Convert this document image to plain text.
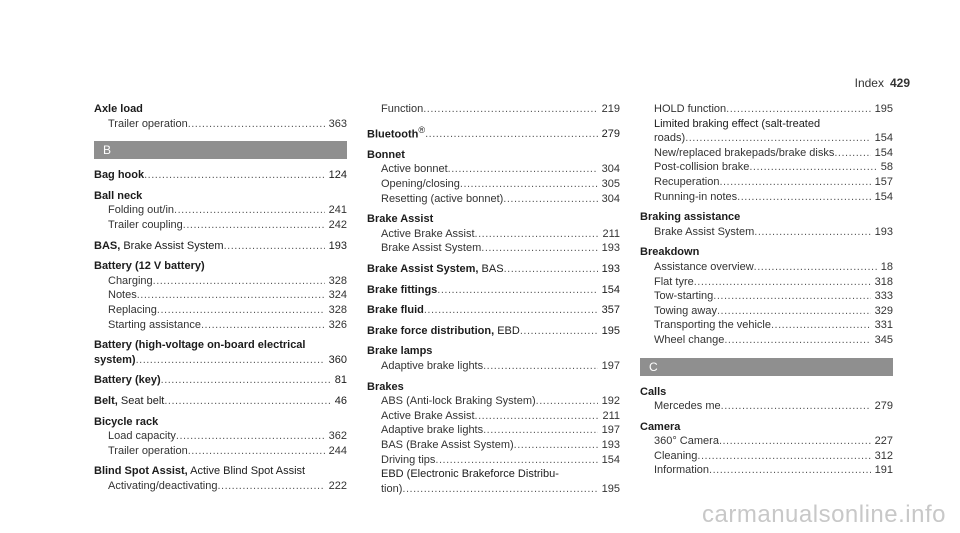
Index 429
Axle load
Trailer operation .....	363
B
Bag hook .....	124
Ball neck
Folding out/in .....	241
Trailer coupling .....	242
BAS, Brake Assist System .....	193
Battery (12 V battery)
Charging .....	328
Notes .....	324
Replacing .....	328
Starting assistance .....	326
Battery (high-voltage on-board electrical
system) .....	360
Battery (key) .....	81
Belt, Seat belt .....	46
Bicycle rack
Load capacity .....	362
Trailer operation .....	244
Blind Spot Assist, Active Blind Spot Assist
Activating/deactivating .....	222
Function .....	219
Bluetooth® .....	279
Bonnet
Active bonnet .....	304
Opening/closing .....	305
Resetting (active bonnet) .....	304
Brake Assist
Active Brake Assist .....	211
Brake Assist System .....	193
Brake Assist System, BAS .....	193
Brake fittings .....	154
Brake fluid .....	357
Brake force distribution, EBD .....	195
Brake lamps
Adaptive brake lights .....	197
Brakes
ABS (Anti-lock Braking System) .....	192
Active Brake Assist .....	211
Adaptive brake lights .....	197
BAS (Brake Assist System) .....	193
Driving tips .....	154
EBD (Electronic Brakeforce Distribu-
tion) .....	195
HOLD function .....	195
Limited braking effect (salt-treated
roads) .....	154
New/replaced brakepads/brake disks .....	154
Post-collision brake .....	58
Recuperation .....	157
Running-in notes .....	154
Braking assistance
Brake Assist System .....	193
Breakdown
Assistance overview .....	18
Flat tyre .....	318
Tow-starting .....	333
Towing away .....	329
Transporting the vehicle .....	331
Wheel change .....	345
C
Calls
Mercedes me .....	279
Camera
360° Camera .....	227
Cleaning .....	312
Information .....	191
carmanualsonline.info
